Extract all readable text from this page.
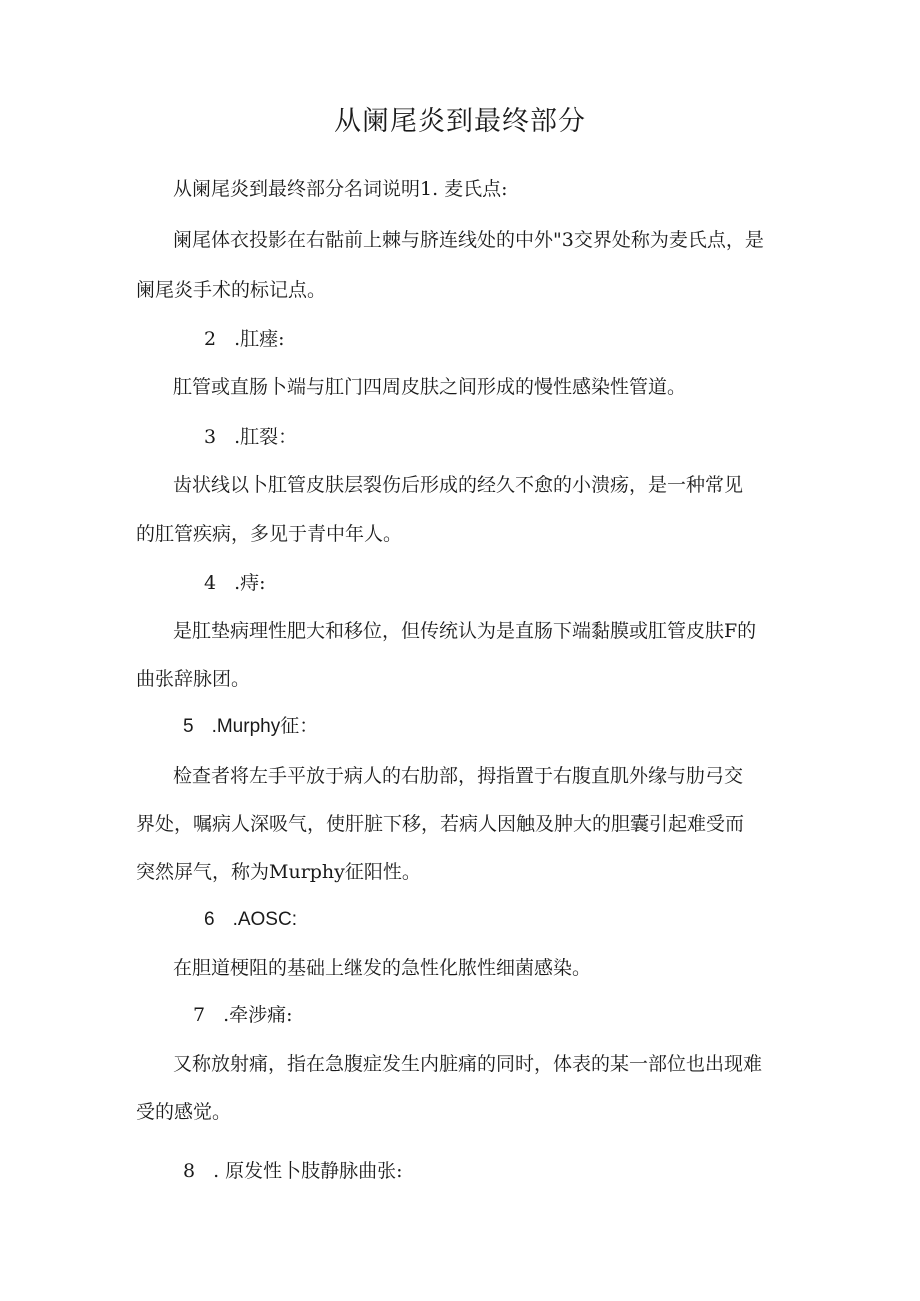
从阑尾炎到最终部分
从阑尾炎到最终部分名词说明1. 麦氏点:
阑尾体衣投影在右骷前上棘与脐连线处的中外"3交界处称为麦氏点，是
阑尾炎手术的标记点。
2 .肛瘗:
肛管或直肠卜端与肛门四周皮肤之间形成的慢性感染性管道。
3 .肛裂：
齿状线以卜肛管皮肤层裂伤后形成的经久不愈的小溃疡，是一种常见
的肛管疾病，多见于青中年人。
4 .痔:
是肛垫病理性肥大和移位，但传统认为是直肠下端黏膜或肛管皮肤F的
曲张辞脉团。
5 .Murphy征：
检查者将左手平放于病人的右肋部，拇指置于右腹直肌外缘与肋弓交
界处，嘱病人深吸气，使肝脏下移，若病人因触及肿大的胆囊引起难受而
突然屏气，称为Murphy征阳性。
6 .AOSC:
在胆道梗阻的基础上继发的急性化脓性细菌感染。
7 .牵涉痛:
又称放射痛，指在急腹症发生内脏痛的同时，体表的某一部位也出现难
受的感觉。
8 . 原发性卜肢静脉曲张:
